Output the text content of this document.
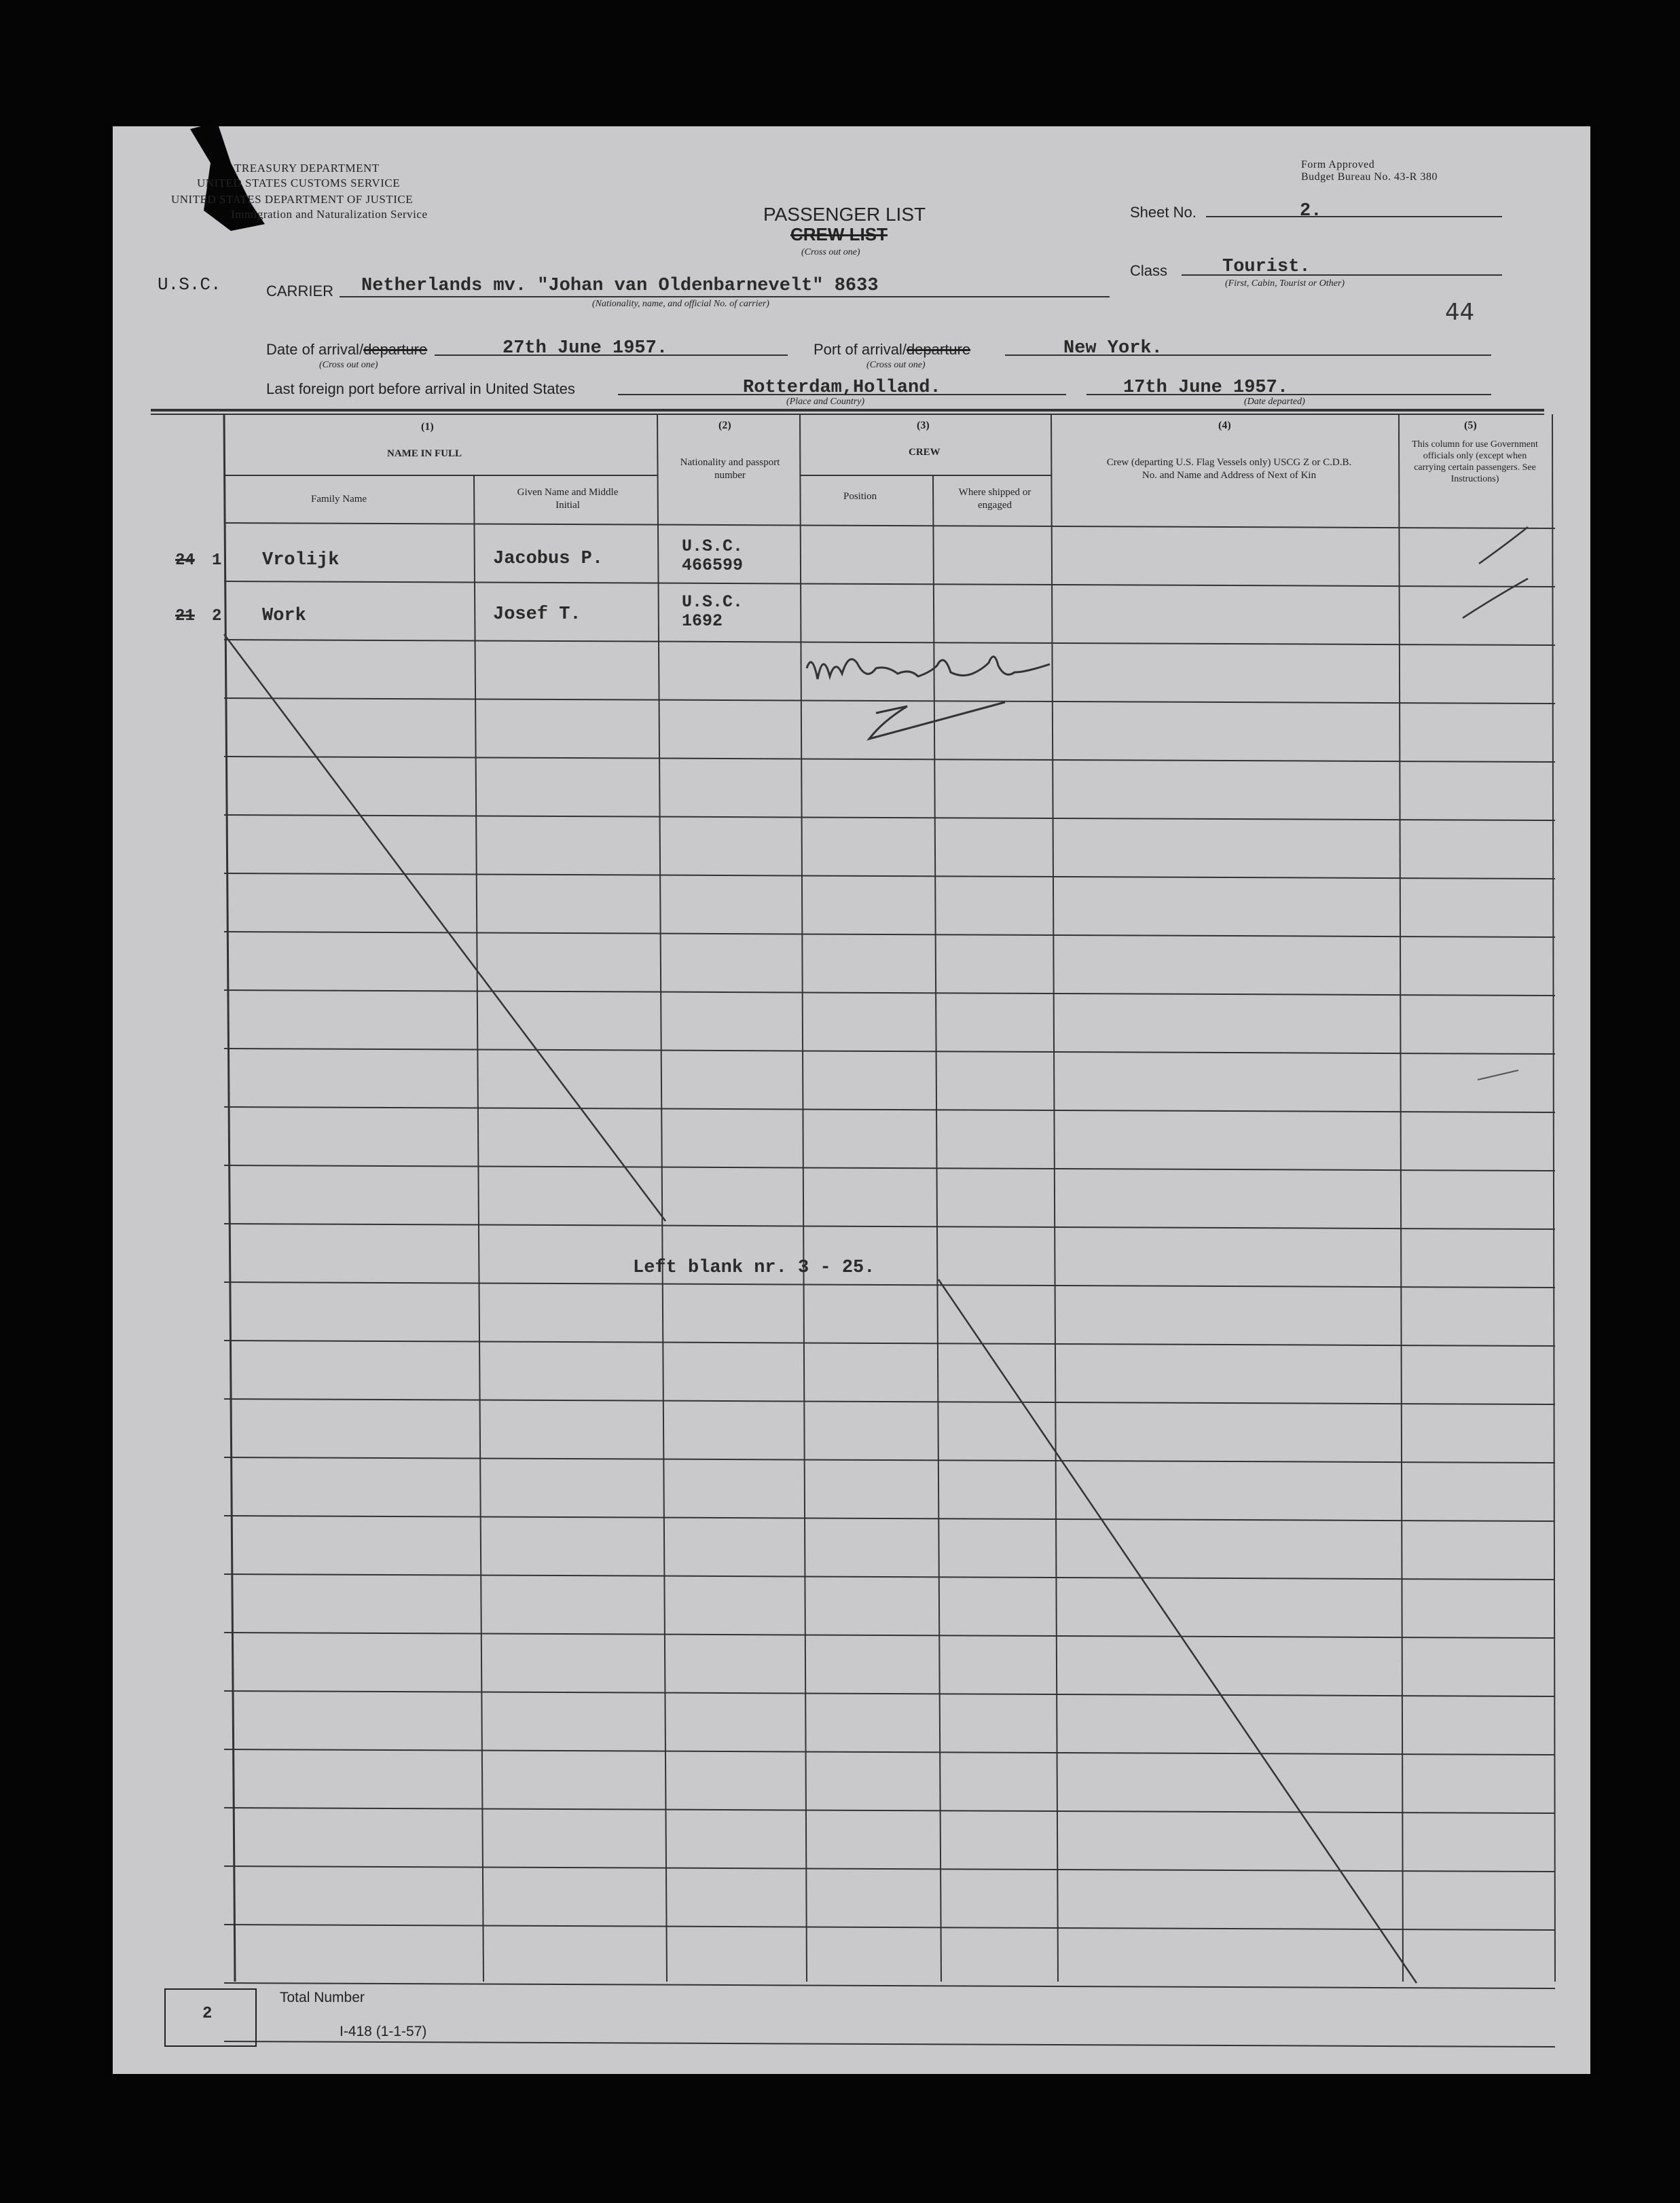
TREASURY DEPARTMENT
UNITED STATES CUSTOMS SERVICE
UNITED STATES DEPARTMENT OF JUSTICE
Immigration and Naturalization Service
Form Approved
Budget Bureau No. 43-R 380
U.S.C.
PASSENGER LIST
CREW LIST
(Cross out one)
Sheet No.	2.
Class	Tourist.
(First, Cabin, Tourist or Other)
44
CARRIER Netherlands mv. "Johan van Oldenbarnevelt" 8633
(Nationality, name, and official No. of carrier)
Date of arrival/departure
(Cross out one)
27th June 1957.	Port of arrival/departure
(Cross out one)
New York.
Last foreign port before arrival in United States	Rotterdam,Holland.
(Place and Country)
17th June 1957.
(Date departed)
(1)
NAME IN FULL
Family Name
Given Name and Middle Initial
(2)
Nationality and passport number
(3)
CREW
Position	Where shipped or engaged
(4)
Crew (departing U.S. Flag Vessels only) USCG Z or C.D.B. No. and Name and Address of Next of Kin
(5)
This column for use Government officials only (except when carrying certain passengers. See Instructions)
24 1 Vrolijk	Jacobus P.
U.S.C.
466599
21 2 Work	Josef T.
U.S.C.
1692
Left blank nr. 3 - 25.
2
Total Number
I-418 (1-1-57)
